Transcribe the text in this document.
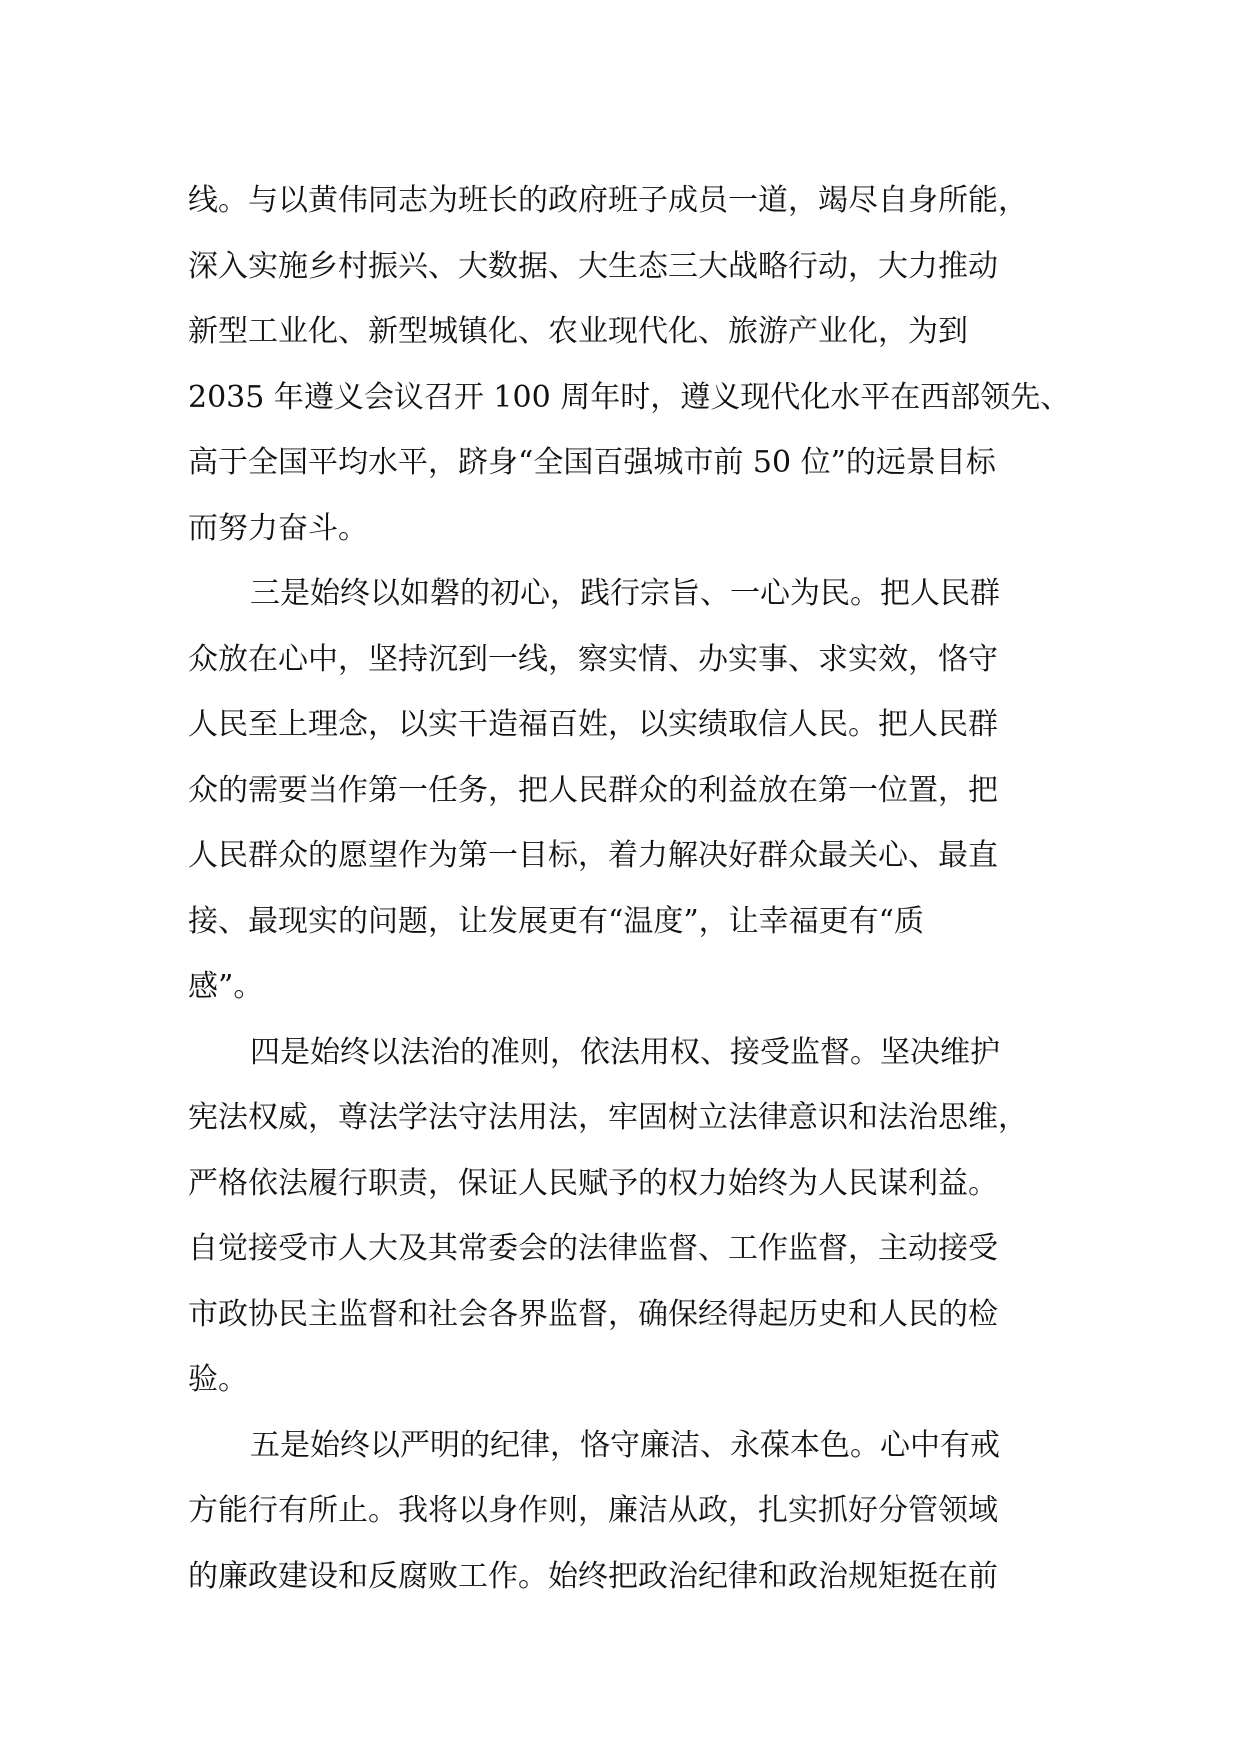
线。与以黄伟同志为班长的政府班子成员一道，竭尽自身所能，
深入实施乡村振兴、大数据、大生态三大战略行动，大力推动
新型工业化、新型城镇化、农业现代化、旅游产业化，为到
2035 年遵义会议召开 100 周年时，遵义现代化水平在西部领先、
高于全国平均水平，跻身“全国百强城市前 50 位”的远景目标
而努力奋斗。
三是始终以如磐的初心，践行宗旨、一心为民。把人民群
众放在心中，坚持沉到一线，察实情、办实事、求实效，恪守
人民至上理念，以实干造福百姓，以实绩取信人民。把人民群
众的需要当作第一任务，把人民群众的利益放在第一位置，把
人民群众的愿望作为第一目标，着力解决好群众最关心、最直
接、最现实的问题，让发展更有“温度”，让幸福更有“质
感”。
四是始终以法治的准则，依法用权、接受监督。坚决维护
宪法权威，尊法学法守法用法，牢固树立法律意识和法治思维，
严格依法履行职责，保证人民赋予的权力始终为人民谋利益。
自觉接受市人大及其常委会的法律监督、工作监督，主动接受
市政协民主监督和社会各界监督，确保经得起历史和人民的检
验。
五是始终以严明的纪律，恪守廉洁、永葆本色。心中有戒
方能行有所止。我将以身作则，廉洁从政，扎实抓好分管领域
的廉政建设和反腐败工作。始终把政治纪律和政治规矩挺在前
